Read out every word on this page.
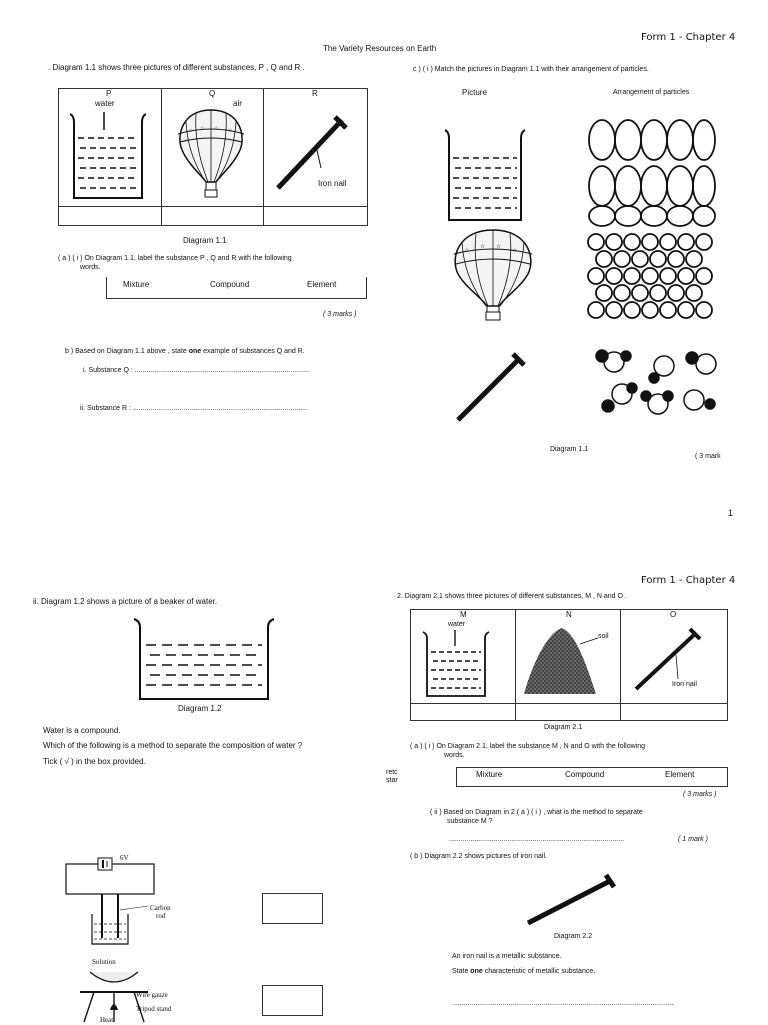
Form 1 - Chapter 4
The Variety Resources on Earth
. Diagram 1.1 shows three pictures of different substances, P , Q and R .
P	Q	R
water	air
Iron nail
☆ ☆ ☆ ☆
Diagram 1.1
( a ) ( i ) On Diagram 1.1, label the substance P , Q and R with the following
words.
Mixture	Compound	Element
( 3 marks )
b ) Based on Diagram 1.1 above , state one example of substances Q and R.
i. Substance Q : ..........................................................................................
ii. Substance R : ..........................................................................................
c ) ( i ) Match the pictures in Diagram 1.1 with their arrangement of particles.
Picture	Arrangement of particles
☆
☆ ☆
☆
Diagram 1.1
( 3 mark
1
Form 1 - Chapter 4
ii. Diagram 1.2 shows a picture of a beaker of water.
Diagram 1.2
Water is a compound.
Which of the following is a method to separate the composition of water ?
Tick ( √ ) in the box provided.
6V
Carbon
rod
Solution
Wire gauze
Tripod stand
Heat
retc
star
2. Diagram 2.1 shows three pictures of different substances, M , N and O .
M	N	O
water
soil
Iron nail
Diagram 2.1
( a ) ( i ) On Diagram 2.1, label the substance M , N and O with the following
words.
Mixture	Compound	Element
( 3 marks )
( ii ) Based on Diagram in 2 ( a ) ( i ) , what is the method to separate
substance M ?
..........................................................................................	( 1 mark )
( b ) Diagram 2.2 shows pictures of iron nail.
Diagram 2.2
An iron nail is a metallic substance.
State one characteristic of metallic substance.
..................................................................................................................
